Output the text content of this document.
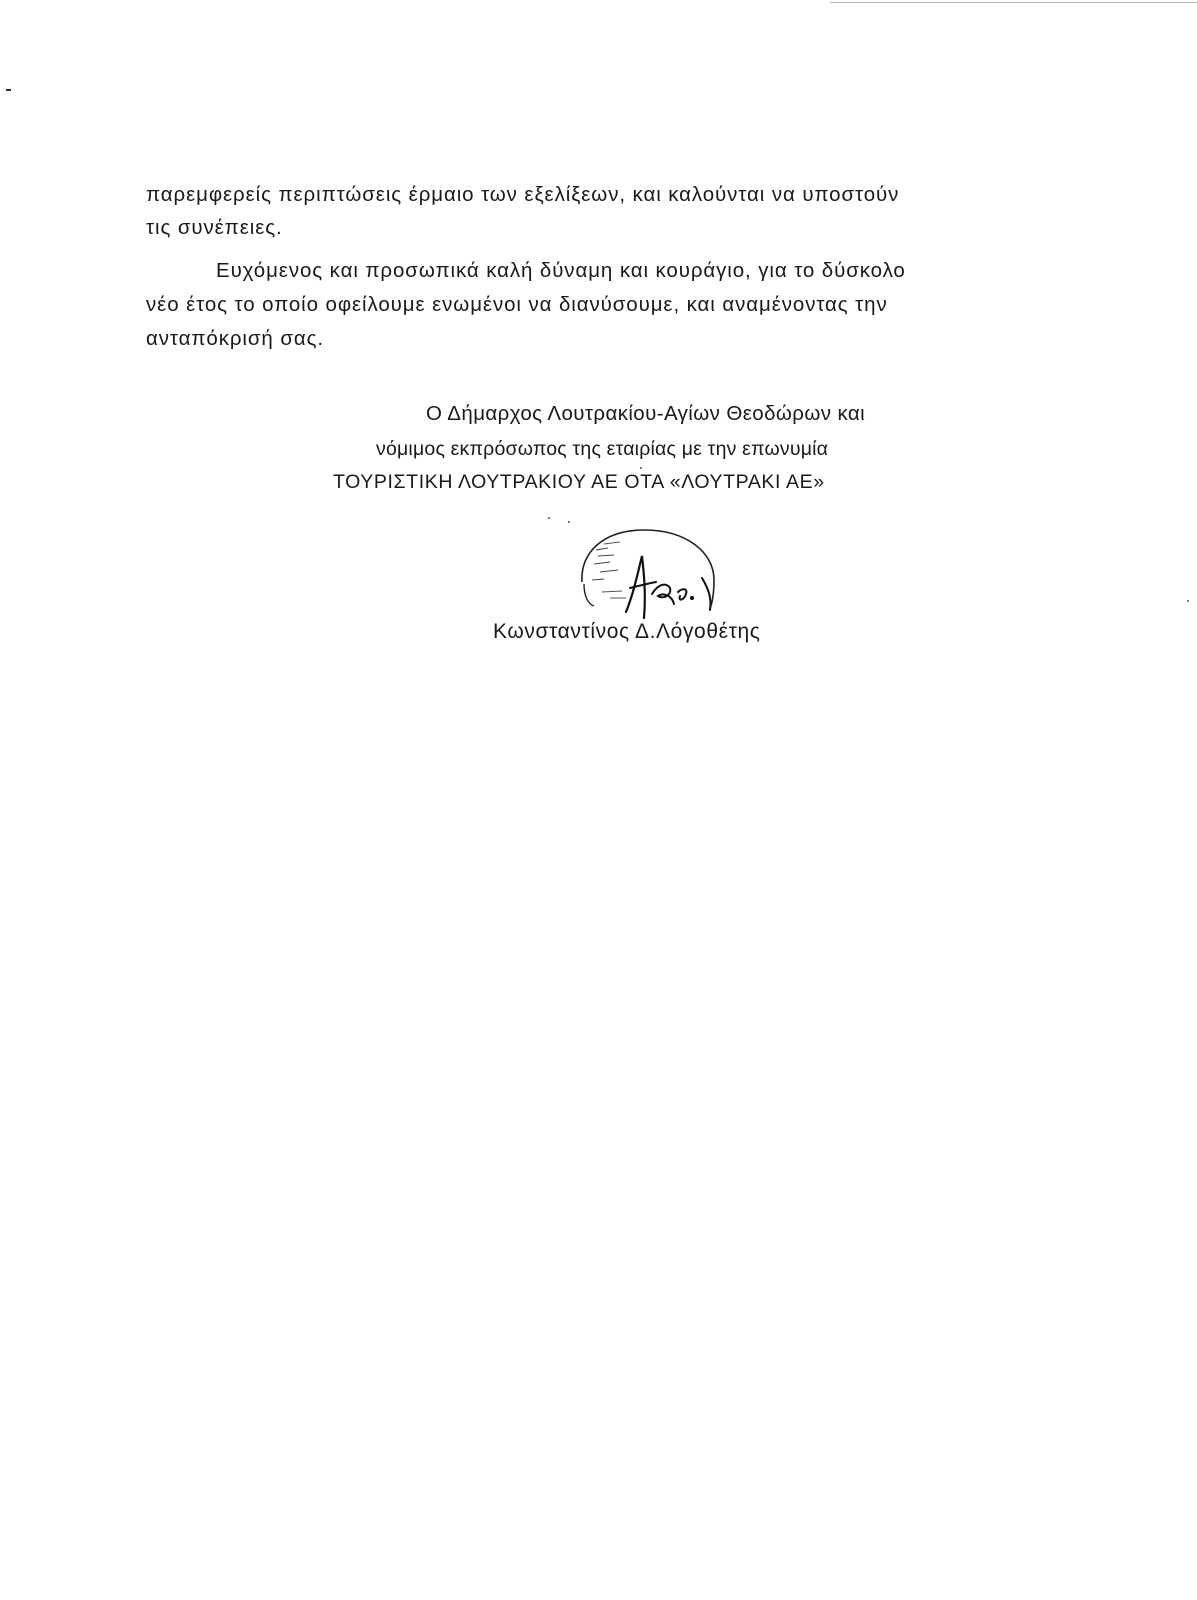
παρεμφερείς περιπτώσεις έρμαιο των εξελίξεων, και καλούνται να υποστούν
τις συνέπειες.
Ευχόμενος και προσωπικά καλή δύναμη και κουράγιο, για το δύσκολο
νέο έτος το οποίο οφείλουμε ενωμένοι να διανύσουμε, και αναμένοντας την
ανταπόκρισή σας.
Ο Δήμαρχος Λουτρακίου-Αγίων Θεοδώρων και
νόμιμος εκπρόσωπος της εταιρίας με την επωνυμία
ΤΟΥΡΙΣΤΙΚΗ ΛΟΥΤΡΑΚΙΟΥ ΑΕ ΟΤΑ «ΛΟΥΤΡΑΚΙ ΑΕ»
Κωνσταντίνος Δ.Λόγοθέτης
